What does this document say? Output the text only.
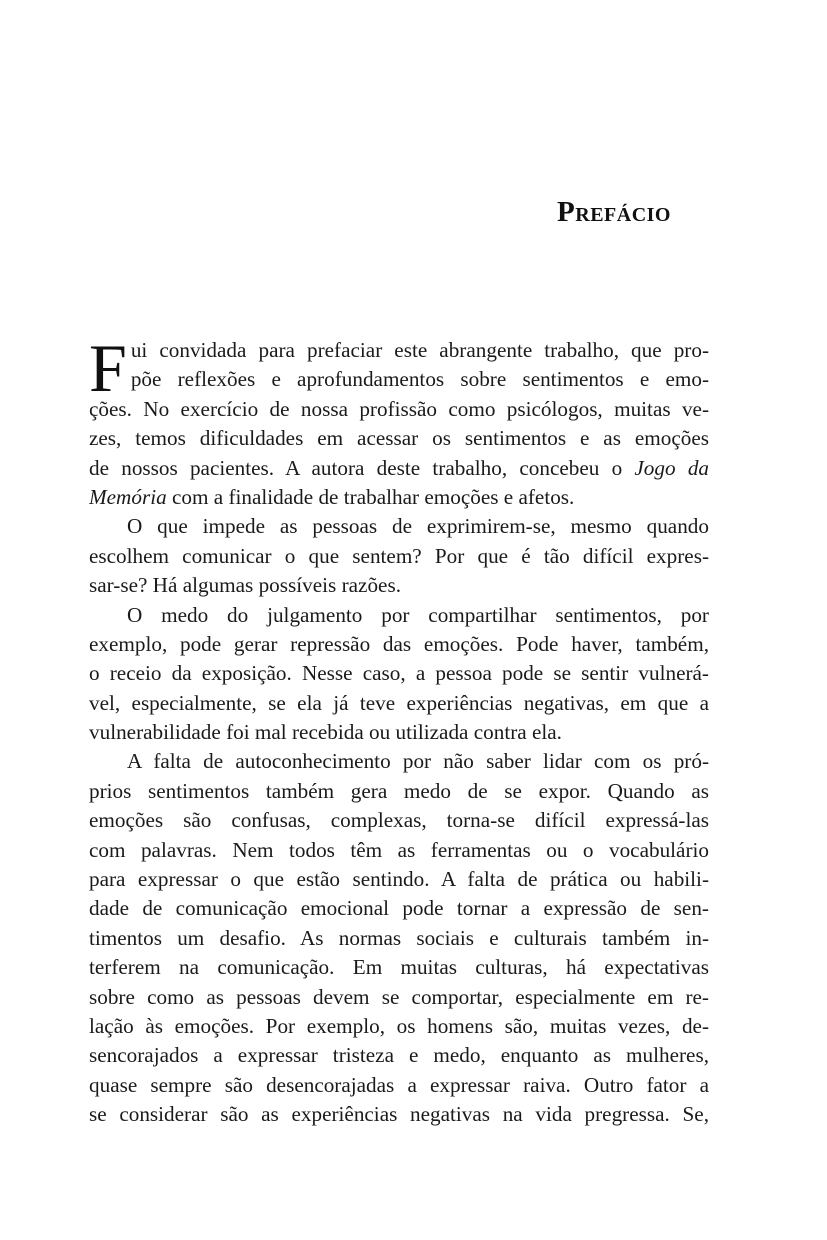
Prefácio
F ui convidada para prefaciar este abrangente trabalho, que pro-
põe reflexões e aprofundamentos sobre sentimentos e emo-
ções. No exercício de nossa profissão como psicólogos, muitas ve-
zes, temos dificuldades em acessar os sentimentos e as emoções
de nossos pacientes. A autora deste trabalho, concebeu o Jogo da
Memória com a finalidade de trabalhar emoções e afetos.
O que impede as pessoas de exprimirem-se, mesmo quando
escolhem comunicar o que sentem? Por que é tão difícil expres-
sar-se? Há algumas possíveis razões.
O medo do julgamento por compartilhar sentimentos, por
exemplo, pode gerar repressão das emoções. Pode haver, também,
o receio da exposição. Nesse caso, a pessoa pode se sentir vulnerá-
vel, especialmente, se ela já teve experiências negativas, em que a
vulnerabilidade foi mal recebida ou utilizada contra ela.
A falta de autoconhecimento por não saber lidar com os pró-
prios sentimentos também gera medo de se expor. Quando as
emoções são confusas, complexas, torna-se difícil expressá-las
com palavras. Nem todos têm as ferramentas ou o vocabulário
para expressar o que estão sentindo. A falta de prática ou habili-
dade de comunicação emocional pode tornar a expressão de sen-
timentos um desafio. As normas sociais e culturais também in-
terferem na comunicação. Em muitas culturas, há expectativas
sobre como as pessoas devem se comportar, especialmente em re-
lação às emoções. Por exemplo, os homens são, muitas vezes, de-
sencorajados a expressar tristeza e medo, enquanto as mulheres,
quase sempre são desencorajadas a expressar raiva. Outro fator a
se considerar são as experiências negativas na vida pregressa. Se,
